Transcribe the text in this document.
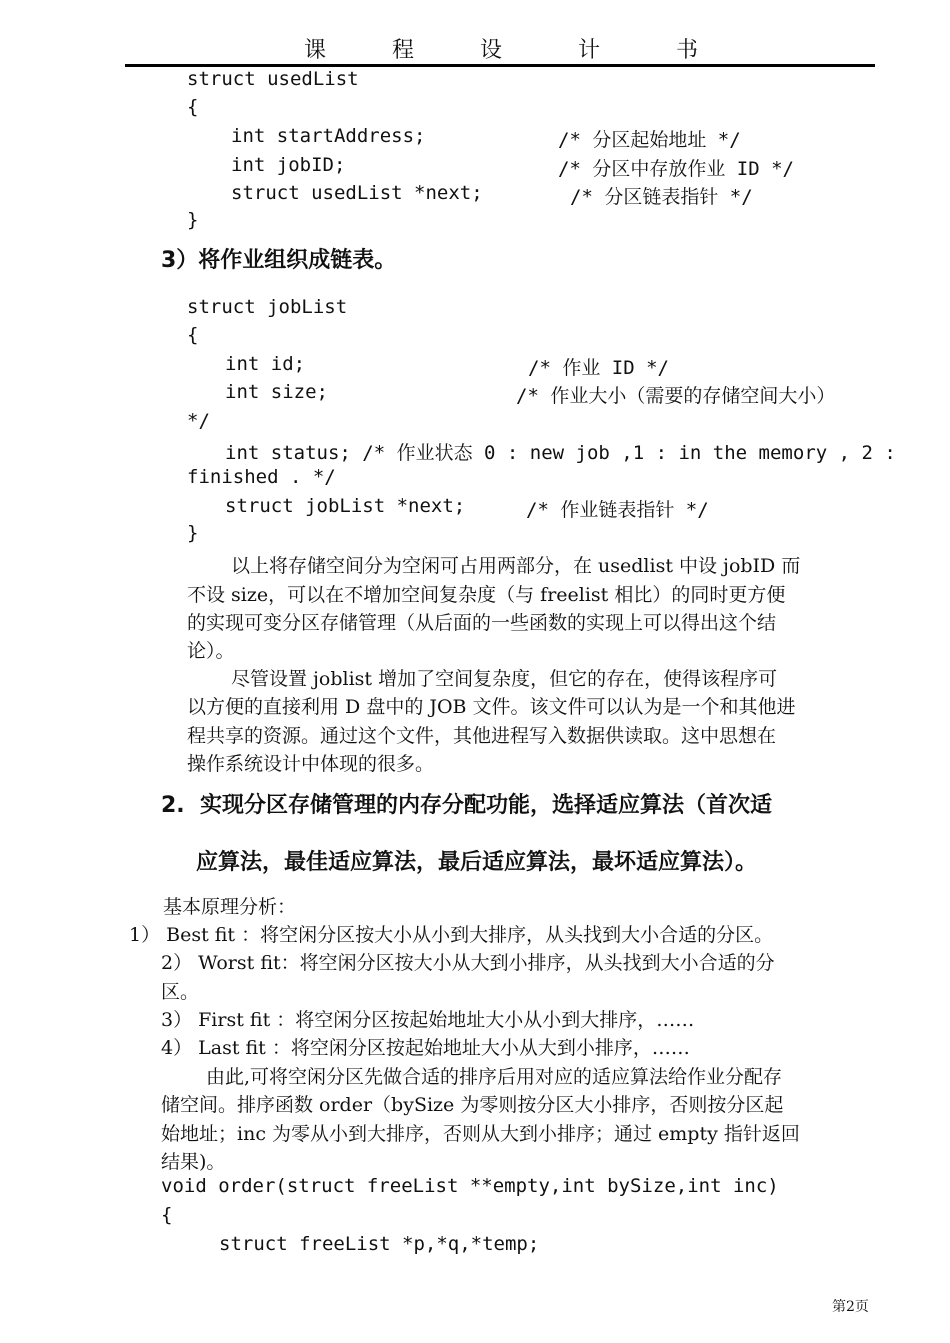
课	程	设	计	书
struct usedList
{
int startAddress;	/* 分区起始地址 */
int jobID;	/* 分区中存放作业 ID */
struct usedList *next;	/* 分区链表指针 */
}
3）将作业组织成链表。
struct jobList
{
int id;	/* 作业 ID */
int size;	/* 作业大小（需要的存储空间大小）
*/
int status; /* 作业状态 0 : new job ,1 : in the memory , 2 :
finished . */
struct jobList *next;	/* 作业链表指针 */
}
以上将存储空间分为空闲可占用两部分，在 usedlist 中设 jobID 而
不设 size，可以在不增加空间复杂度（与 freelist 相比）的同时更方便
的实现可变分区存储管理（从后面的一些函数的实现上可以得出这个结
论）。
尽管设置 joblist 增加了空间复杂度，但它的存在，使得该程序可
以方便的直接利用 D 盘中的 JOB 文件。该文件可以认为是一个和其他进
程共享的资源。通过这个文件，其他进程写入数据供读取。这中思想在
操作系统设计中体现的很多。
2.  实现分区存储管理的内存分配功能，选择适应算法（首次适
应算法，最佳适应算法，最后适应算法，最坏适应算法）。
基本原理分析：
1） Best fit ：将空闲分区按大小从小到大排序，从头找到大小合适的分区。
2） Worst fit：将空闲分区按大小从大到小排序，从头找到大小合适的分
区。
3） First fit ：将空闲分区按起始地址大小从小到大排序，……
4） Last fit ：将空闲分区按起始地址大小从大到小排序，……
由此,可将空闲分区先做合适的排序后用对应的适应算法给作业分配存
储空间。排序函数 order（bySize 为零则按分区大小排序，否则按分区起
始地址；inc 为零从小到大排序，否则从大到小排序；通过 empty 指针返回
结果)。
void order(struct freeList **empty,int bySize,int inc)
{
struct freeList *p,*q,*temp;
第2页
